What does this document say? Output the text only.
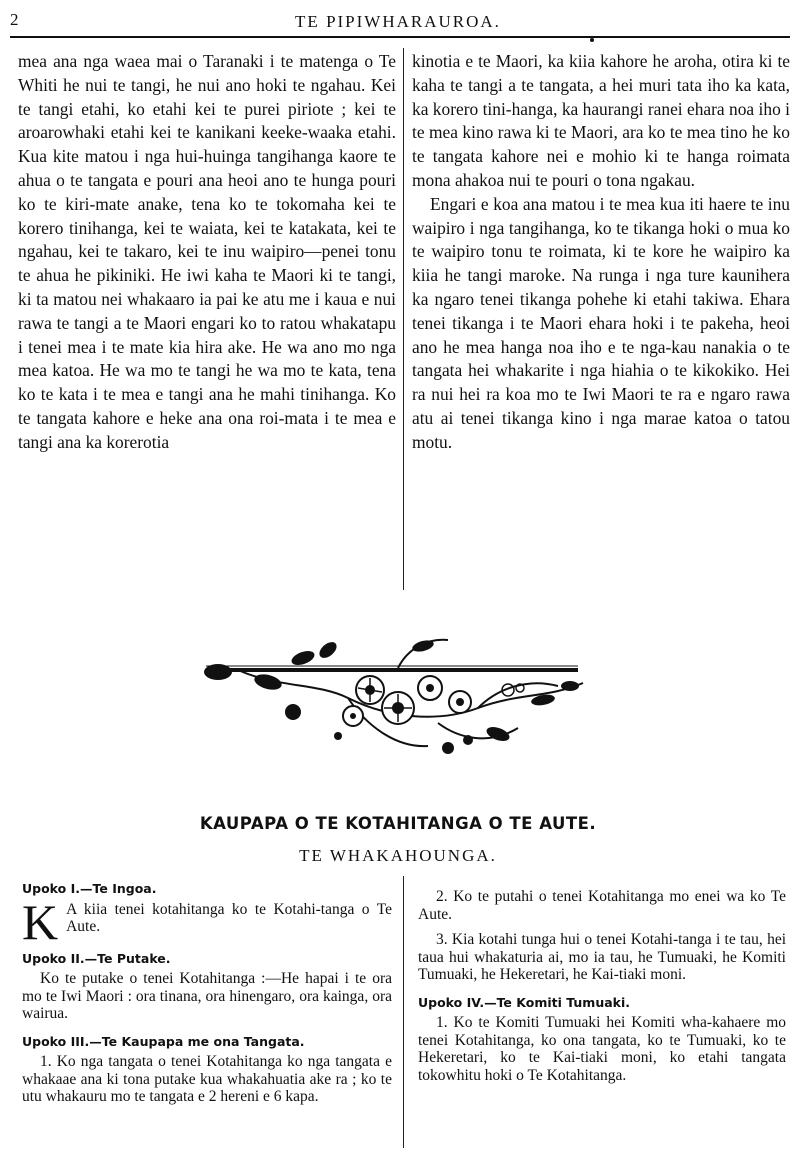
2	TE PIPIWHARAUROA.

mea ana nga waea mai o Taranaki i te matenga o Te Whiti he nui te tangi, he nui ano hoki te ngahau. Kei te tangi etahi, ko etahi kei te purei piriote ; kei te aroarowhaki etahi kei te kanikani keeke-waaka etahi. Kua kite matou i nga hui-huinga tangihanga kaore te ahua o te tangata e pouri ana heoi ano te hunga pouri ko te kiri-mate anake, tena ko te tokomaha kei te korero tinihanga, kei te waiata, kei te katakata, kei te ngahau, kei te takaro, kei te inu waipiro—penei tonu te ahua he pikiniki. He iwi kaha te Maori ki te tangi, ki ta matou nei whakaaro ia pai ke atu me i kaua e nui rawa te tangi a te Maori engari ko to ratou whakatapu i tenei mea i te mate kia hira ake. He wa ano mo nga mea katoa. He wa mo te tangi he wa mo te kata, tena ko te kata i te mea e tangi ana he mahi tinihanga. Ko te tangata kahore e heke ana ona roi-mata i te mea e tangi ana ka korerotia

kinotia e te Maori, ka kiia kahore he aroha, otira ki te kaha te tangi a te tangata, a hei muri tata iho ka kata, ka korero tini-hanga, ka haurangi ranei ehara noa iho i te mea kino rawa ki te Maori, ara ko te mea tino he ko te tangata kahore nei e mohio ki te hanga roimata mona ahakoa nui te pouri o tona ngakau.

Engari e koa ana matou i te mea kua iti haere te inu waipiro i nga tangihanga, ko te tikanga hoki o mua ko te waipiro tonu te roimata, ki te kore he waipiro ka kiia he tangi maroke. Na runga i nga ture kaunihera ka ngaro tenei tikanga pohehe ki etahi takiwa. Ehara tenei tikanga i te Maori ehara hoki i te pakeha, heoi ano he mea hanga noa iho e te nga-kau nanakia o te tangata hei whakarite i nga hiahia o te kikokiko. Hei ra nui hei ra koa mo te Iwi Maori te ra e ngaro rawa atu ai tenei tikanga kino i nga marae katoa o tatou motu.

KAUPAPA O TE KOTAHITANGA O TE AUTE.
TE WHAKAHOUNGA.

Upoko I.—Te Ingoa.

K A kiia tenei kotahitanga ko te Kotahi-tanga o Te Aute.

Upoko II.—Te Putake.

Ko te putake o tenei Kotahitanga :—He hapai i te ora mo te Iwi Maori : ora tinana, ora hinengaro, ora kainga, ora wairua.

Upoko III.—Te Kaupapa me ona Tangata.

1. Ko nga tangata o tenei Kotahitanga ko nga tangata e whakaae ana ki tona putake kua whakahuatia ake ra ; ko te utu whakauru mo te tangata e 2 hereni e 6 kapa.

2. Ko te putahi o tenei Kotahitanga mo enei wa ko Te Aute.

3. Kia kotahi tunga hui o tenei Kotahi-tanga i te tau, hei taua hui whakaturia ai, mo ia tau, he Tumuaki, he Komiti Tumuaki, he Hekeretari, he Kai-tiaki moni.

Upoko IV.—Te Komiti Tumuaki.

1. Ko te Komiti Tumuaki hei Komiti wha-kahaere mo tenei Kotahitanga, ko ona tangata, ko te Tumuaki, ko te Hekeretari, ko te Kai-tiaki moni, ko etahi tangata tokowhitu hoki o Te Kotahitanga.
